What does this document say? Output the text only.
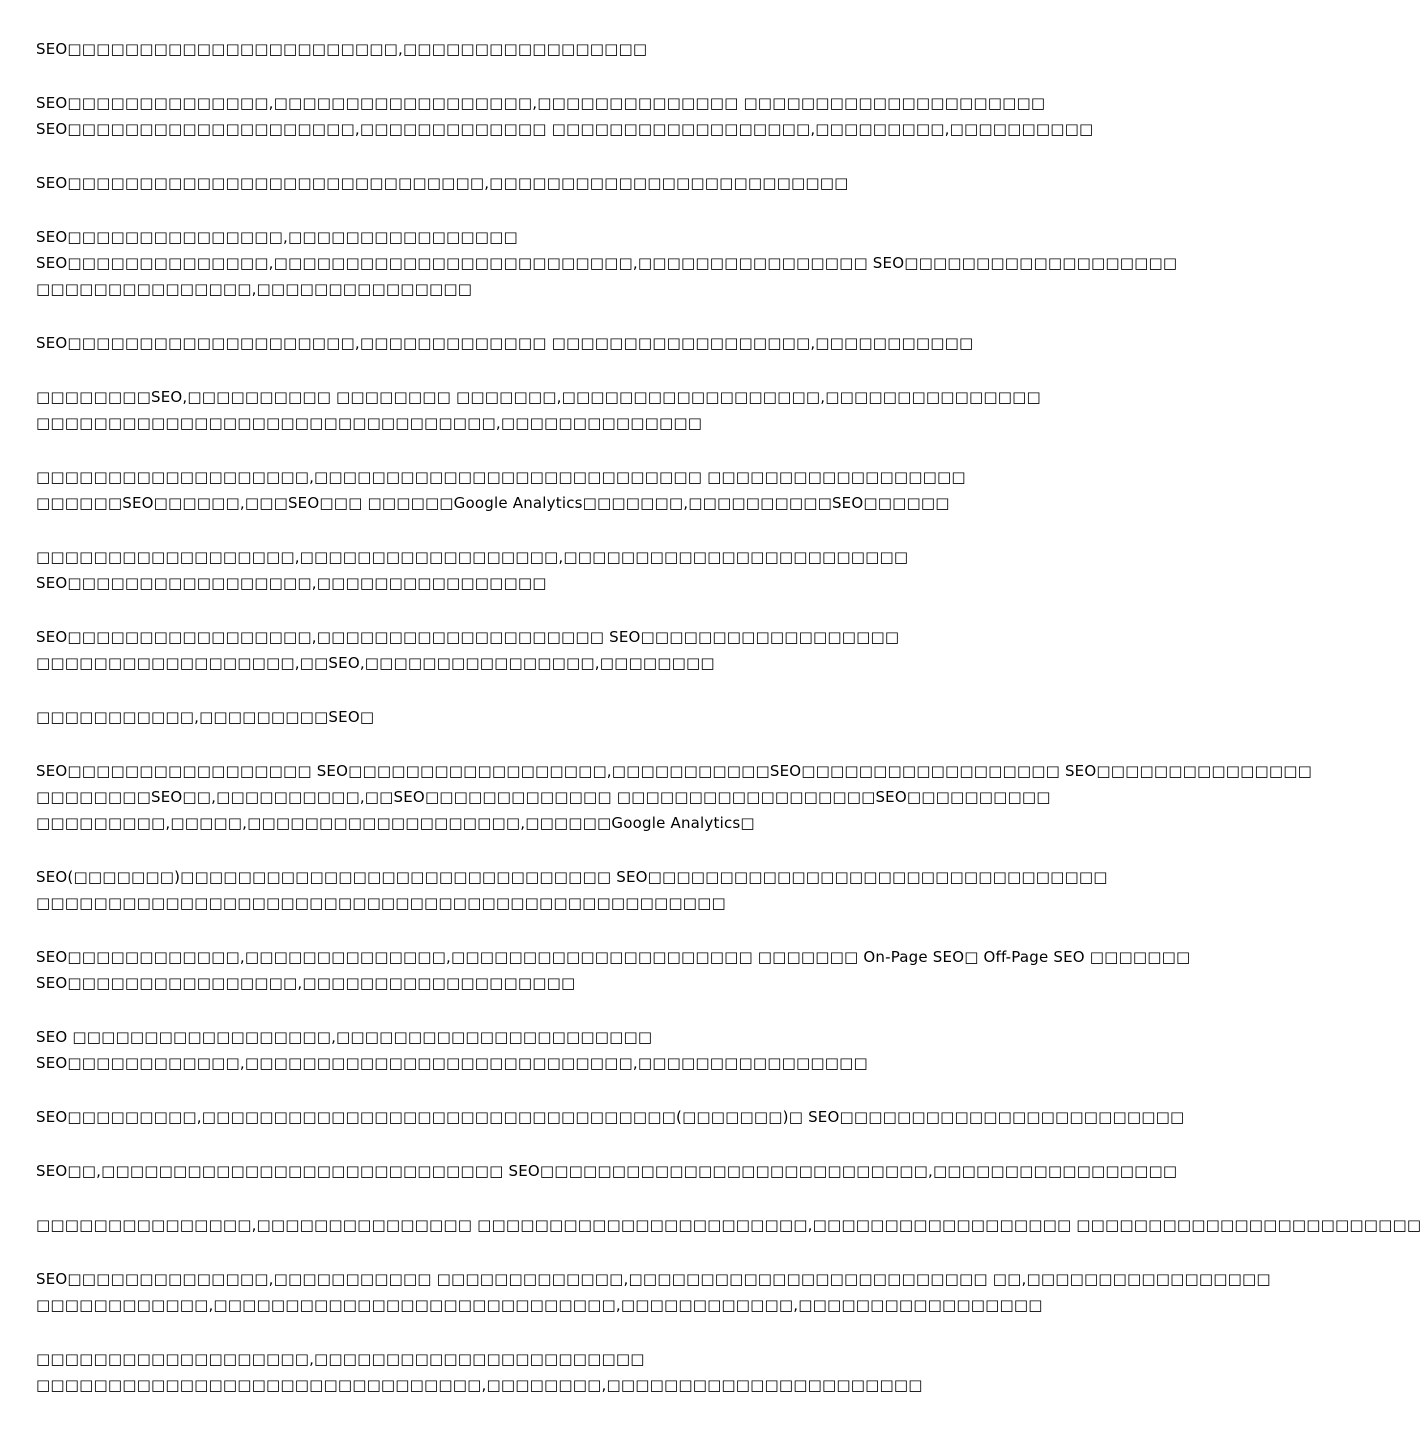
SEO□□□□□□□□□□□□□□□□□□□□□□□,□□□□□□□□□□□□□□□□□
SEO□□□□□□□□□□□□□□,□□□□□□□□□□□□□□□□□□,□□□□□□□□□□□□□□ □□□□□□□□□□□□□□□□□□□□□
SEO□□□□□□□□□□□□□□□□□□□□,□□□□□□□□□□□□□ □□□□□□□□□□□□□□□□□□,□□□□□□□□□,□□□□□□□□□□
SEO□□□□□□□□□□□□□□□□□□□□□□□□□□□□□,□□□□□□□□□□□□□□□□□□□□□□□□□
SEO□□□□□□□□□□□□□□□,□□□□□□□□□□□□□□□□
SEO□□□□□□□□□□□□□□,□□□□□□□□□□□□□□□□□□□□□□□□□,□□□□□□□□□□□□□□□□ SEO□□□□□□□□□□□□□□□□□□□
□□□□□□□□□□□□□□□,□□□□□□□□□□□□□□□
SEO□□□□□□□□□□□□□□□□□□□□,□□□□□□□□□□□□□ □□□□□□□□□□□□□□□□□□,□□□□□□□□□□□
□□□□□□□□SEO,□□□□□□□□□□ □□□□□□□□ □□□□□□□,□□□□□□□□□□□□□□□□□□,□□□□□□□□□□□□□□□
□□□□□□□□□□□□□□□□□□□□□□□□□□□□□□□□,□□□□□□□□□□□□□□
□□□□□□□□□□□□□□□□□□□,□□□□□□□□□□□□□□□□□□□□□□□□□□□ □□□□□□□□□□□□□□□□□□
□□□□□□SEO□□□□□□,□□□SEO□□□ □□□□□□Google Analytics□□□□□□□,□□□□□□□□□□SEO□□□□□□
□□□□□□□□□□□□□□□□□□,□□□□□□□□□□□□□□□□□□,□□□□□□□□□□□□□□□□□□□□□□□□
SEO□□□□□□□□□□□□□□□□□,□□□□□□□□□□□□□□□□
SEO□□□□□□□□□□□□□□□□□,□□□□□□□□□□□□□□□□□□□□ SEO□□□□□□□□□□□□□□□□□□
□□□□□□□□□□□□□□□□□□,□□SEO,□□□□□□□□□□□□□□□□,□□□□□□□□
□□□□□□□□□□□,□□□□□□□□□SEO□
SEO□□□□□□□□□□□□□□□□□ SEO□□□□□□□□□□□□□□□□□□,□□□□□□□□□□□SEO□□□□□□□□□□□□□□□□□□ SEO□□□□□□□□□□□□□□□
□□□□□□□□SEO□□,□□□□□□□□□□,□□SEO□□□□□□□□□□□□□ □□□□□□□□□□□□□□□□□□SEO□□□□□□□□□□
□□□□□□□□□,□□□□□,□□□□□□□□□□□□□□□□□□□,□□□□□□Google Analytics□
SEO(□□□□□□□)□□□□□□□□□□□□□□□□□□□□□□□□□□□□□□ SEO□□□□□□□□□□□□□□□□□□□□□□□□□□□□□□□□
□□□□□□□□□□□□□□□□□□□□□□□□□□□□□□□□□□□□□□□□□□□□□□□□
SEO□□□□□□□□□□□□,□□□□□□□□□□□□□□,□□□□□□□□□□□□□□□□□□□□□ □□□□□□□ On-Page SEO□ Off-Page SEO □□□□□□□
SEO□□□□□□□□□□□□□□□□,□□□□□□□□□□□□□□□□□□□
SEO □□□□□□□□□□□□□□□□□□,□□□□□□□□□□□□□□□□□□□□□□
SEO□□□□□□□□□□□□,□□□□□□□□□□□□□□□□□□□□□□□□□□□,□□□□□□□□□□□□□□□□
SEO□□□□□□□□□,□□□□□□□□□□□□□□□□□□□□□□□□□□□□□□□□□(□□□□□□□)□ SEO□□□□□□□□□□□□□□□□□□□□□□□□
SEO□□,□□□□□□□□□□□□□□□□□□□□□□□□□□□□ SEO□□□□□□□□□□□□□□□□□□□□□□□□□□□,□□□□□□□□□□□□□□□□□
□□□□□□□□□□□□□□□,□□□□□□□□□□□□□□□ □□□□□□□□□□□□□□□□□□□□□□□,□□□□□□□□□□□□□□□□□□ □□□□□□□□□□□□□□□□□□□□□□□□
SEO□□□□□□□□□□□□□□,□□□□□□□□□□□ □□□□□□□□□□□□□,□□□□□□□□□□□□□□□□□□□□□□□□□ □□,□□□□□□□□□□□□□□□□□
□□□□□□□□□□□□,□□□□□□□□□□□□□□□□□□□□□□□□□□□□,□□□□□□□□□□□□,□□□□□□□□□□□□□□□□□
□□□□□□□□□□□□□□□□□□□,□□□□□□□□□□□□□□□□□□□□□□□
□□□□□□□□□□□□□□□□□□□□□□□□□□□□□□□,□□□□□□□□,□□□□□□□□□□□□□□□□□□□□□□
